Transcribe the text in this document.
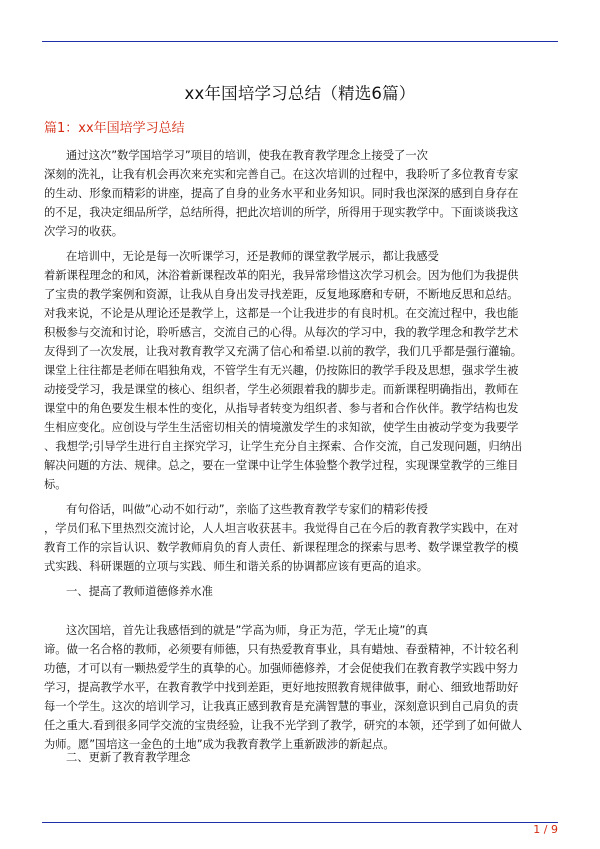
xx年国培学习总结（精选6篇）
篇1：xx年国培学习总结

通过这次”数学国培学习”项目的培训，使我在教育教学理念上接受了一次
深刻的洗礼，让我有机会再次来充实和完善自己。在这次培训的过程中，我聆听了多位教育专家
的生动、形象而精彩的讲座，提高了自身的业务水平和业务知识。同时我也深深的感到自身存在
的不足，我决定细品所学，总结所得，把此次培训的所学，所得用于现实教学中。下面谈谈我这
次学习的收获。

在培训中，无论是每一次听课学习，还是教师的课堂教学展示，都让我感受
着新课程理念的和风，沐浴着新课程改革的阳光，我异常珍惜这次学习机会。因为他们为我提供
了宝贵的教学案例和资源，让我从自身出发寻找差距，反复地琢磨和专研，不断地反思和总结。
对我来说，不论是从理论还是教学上，这都是一个让我进步的有良时机。在交流过程中，我也能
积极参与交流和讨论，聆听感言，交流自己的心得。从每次的学习中，我的教学理念和教学艺术
友得到了一次发展，让我对教育教学又充满了信心和希望.以前的教学，我们几乎都是强行灌输。
课堂上往往都是老师在唱独角戏，不管学生有无兴趣，仍按陈旧的教学手段及思想，强求学生被
动接受学习，我是课堂的核心、组织者，学生必须跟着我的脚步走。而新课程明确指出，教师在
课堂中的角色要发生根本性的变化，从指导者转变为组织者、参与者和合作伙伴。教学结构也发
生相应变化。应创设与学生生活密切相关的情境激发学生的求知欲，使学生由被动学变为我要学
、我想学;引导学生进行自主探究学习，让学生充分自主探索、合作交流，自己发现问题，归纳出
解决问题的方法、规律。总之，要在一堂课中让学生体验整个教学过程，实现课堂教学的三维目
标。

有句俗话，叫做”心动不如行动”，亲临了这些教育教学专家们的精彩传授
，学员们私下里热烈交流讨论，人人坦言收获甚丰。我觉得自己在今后的教育教学实践中，在对
教育工作的宗旨认识、数学教师肩负的育人责任、新课程理念的探索与思考、数学课堂教学的模
式实践、科研课题的立项与实践、师生和谐关系的协调都应该有更高的追求。

一、提高了教师道德修养水准

这次国培，首先让我感悟到的就是”学高为师，身正为范，学无止境”的真
谛。做一名合格的教师，必须要有师德，只有热爱教育事业，具有蜡烛、春蚕精神，不计较名利
功德，才可以有一颗热爱学生的真挚的心。加强师德修养，才会促使我们在教育教学实践中努力
学习，提高教学水平，在教育教学中找到差距，更好地按照教育规律做事，耐心、细致地帮助好
每一个学生。这次的培训学习，让我真正感到教育是充满智慧的事业，深刻意识到自己肩负的责
任之重大.看到很多同学交流的宝贵经验，让我不光学到了教学，研究的本领，还学到了如何做人
为师。愿”国培这一金色的土地”成为我教育教学上重新跋涉的新起点。

二、更新了教育教学理念
1 / 9
